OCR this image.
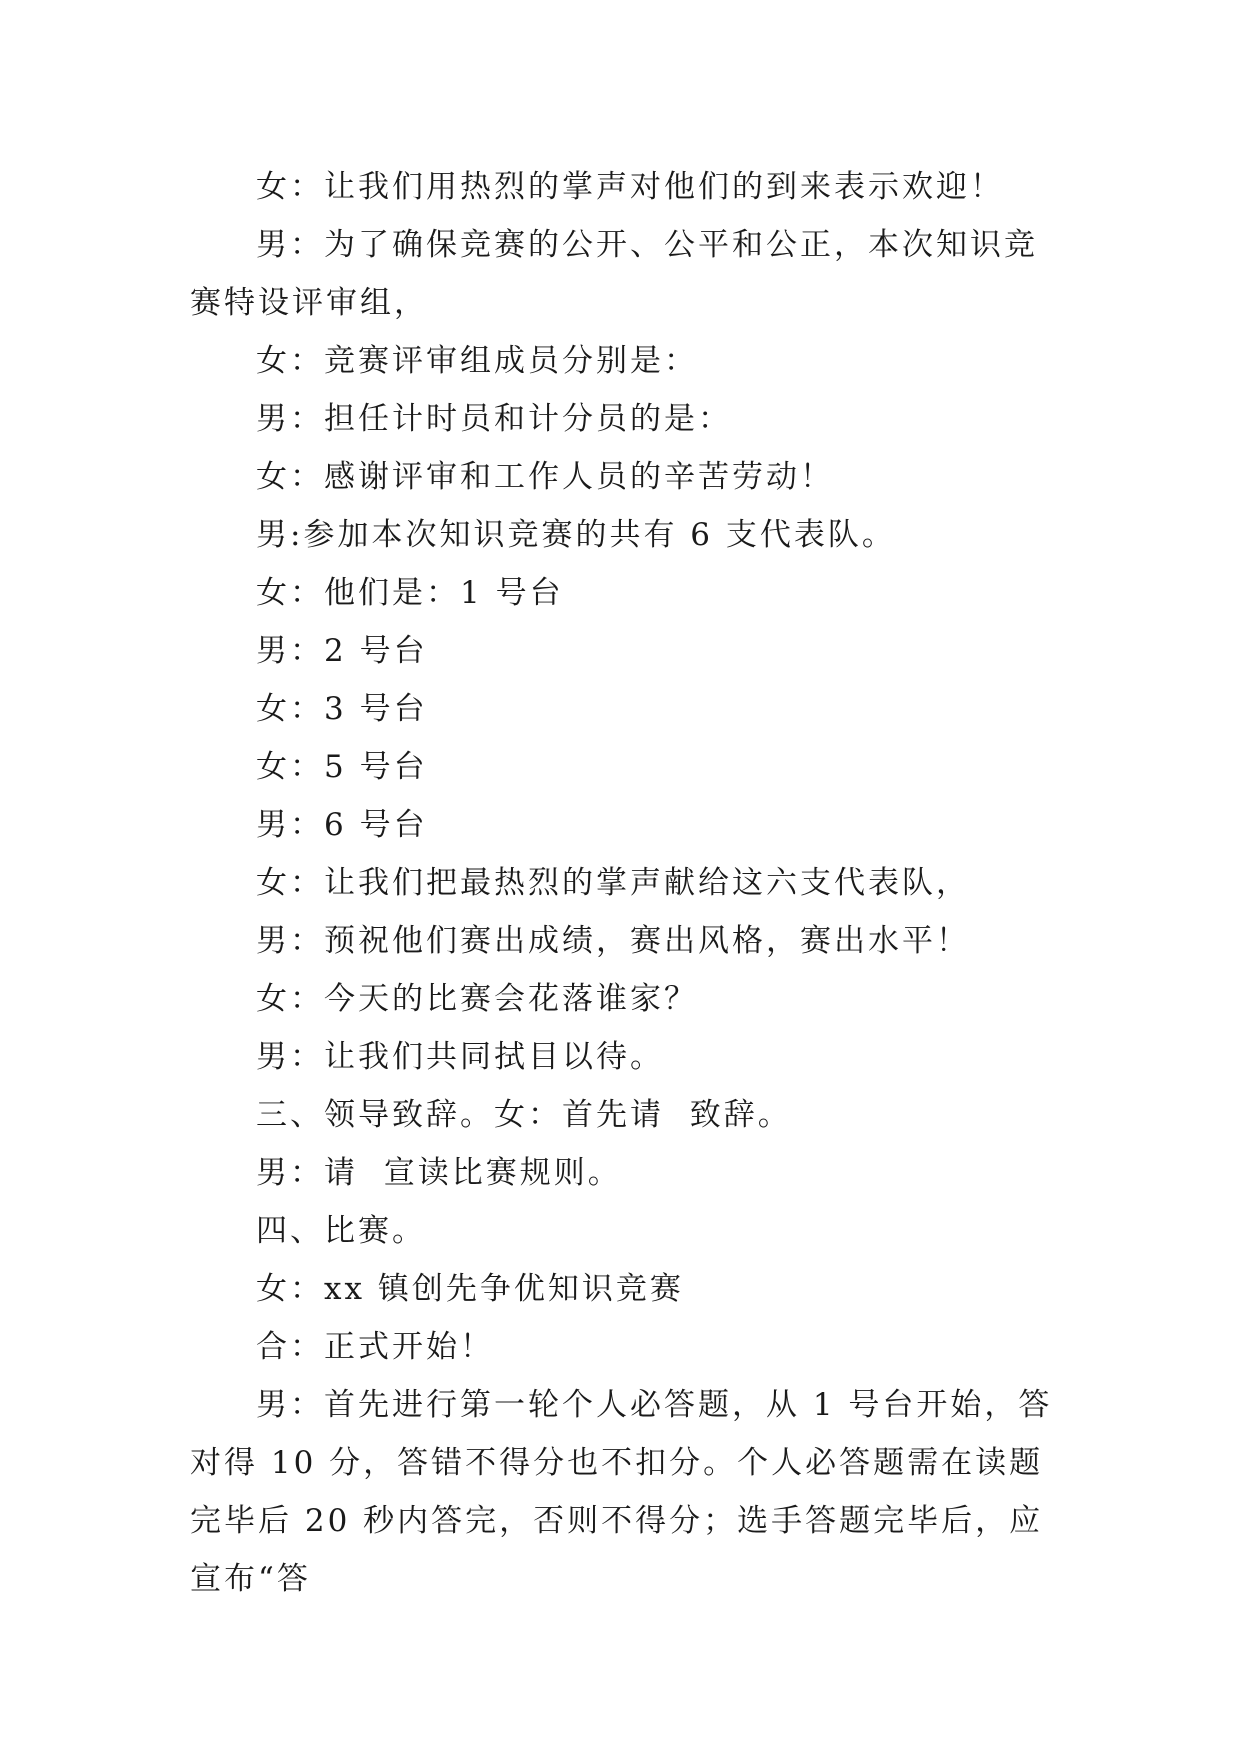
女：让我们用热烈的掌声对他们的到来表示欢迎！

男：为了确保竞赛的公开、公平和公正，本次知识竞赛特设评审组，

女：竞赛评审组成员分别是：

男：担任计时员和计分员的是：

女：感谢评审和工作人员的辛苦劳动！

男:参加本次知识竞赛的共有 6 支代表队。

女：他们是：1 号台

男：2 号台

女：3 号台

女：5 号台

男：6 号台

女：让我们把最热烈的掌声献给这六支代表队，

男：预祝他们赛出成绩，赛出风格，赛出水平！

女：今天的比赛会花落谁家？

男：让我们共同拭目以待。

三、领导致辞。女：首先请  致辞。

男：请  宣读比赛规则。

四、比赛。

女：xx 镇创先争优知识竞赛

合：正式开始！

男：首先进行第一轮个人必答题，从 1 号台开始，答对得 10 分，答错不得分也不扣分。个人必答题需在读题完毕后 20 秒内答完，否则不得分；选手答题完毕后，应宣布“答
